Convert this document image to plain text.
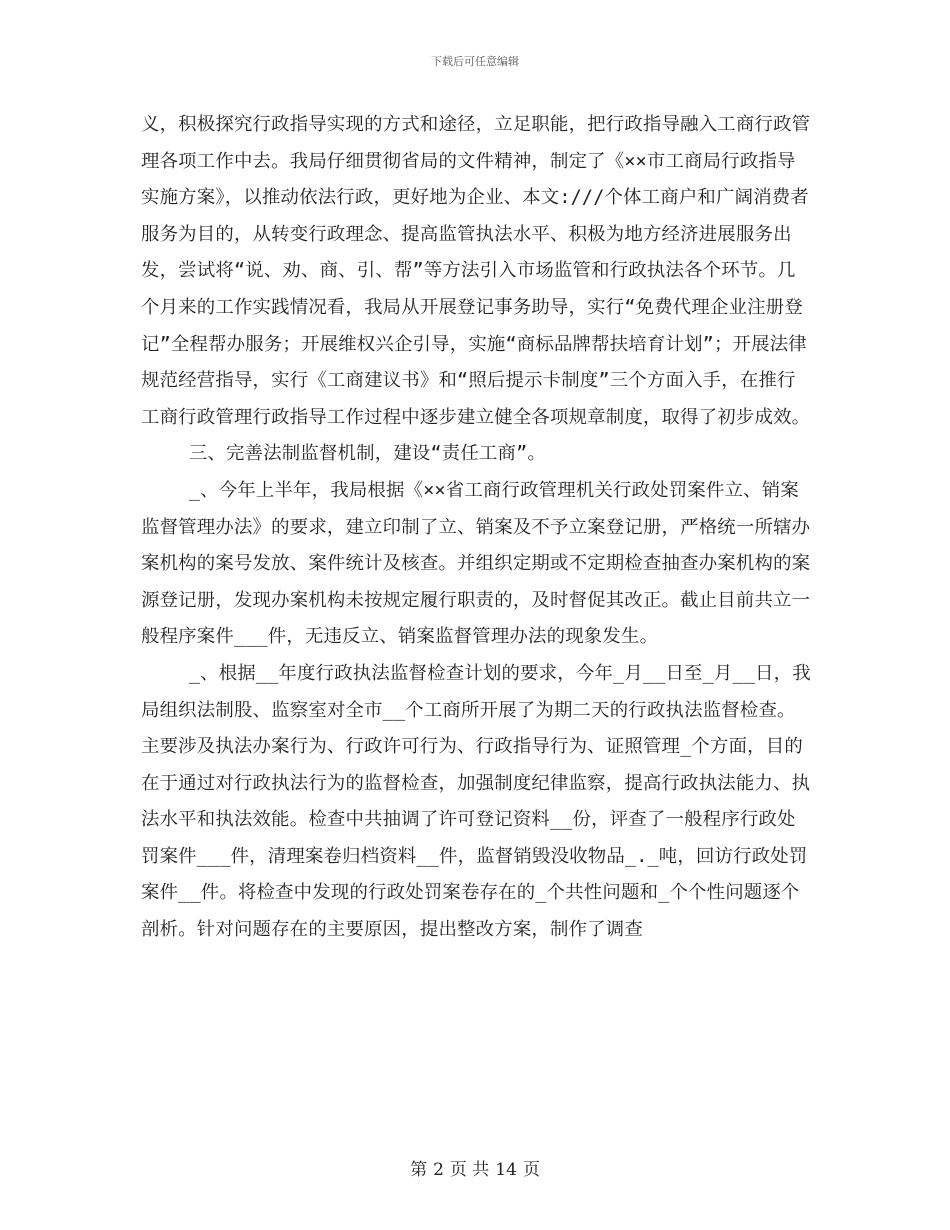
下载后可任意编辑

义，积极探究行政指导实现的方式和途径，立足职能，把行政指导融入工商行政管理各项工作中去。我局仔细贯彻省局的文件精神，制定了《××市工商局行政指导实施方案》，以推动依法行政，更好地为企业、本文:///个体工商户和广阔消费者服务为目的，从转变行政理念、提高监管执法水平、积极为地方经济进展服务出发，尝试将“说、劝、商、引、帮”等方法引入市场监管和行政执法各个环节。几个月来的工作实践情况看，我局从开展登记事务助导，实行“免费代理企业注册登记”全程帮办服务；开展维权兴企引导，实施“商标品牌帮扶培育计划”；开展法律规范经营指导，实行《工商建议书》和“照后提示卡制度”三个方面入手，在推行工商行政管理行政指导工作过程中逐步建立健全各项规章制度，取得了初步成效。

三、完善法制监督机制，建设“责任工商”。

_、今年上半年，我局根据《××省工商行政管理机关行政处罚案件立、销案监督管理办法》的要求，建立印制了立、销案及不予立案登记册，严格统一所辖办案机构的案号发放、案件统计及核查。并组织定期或不定期检查抽查办案机构的案源登记册，发现办案机构未按规定履行职责的，及时督促其改正。截止目前共立一般程序案件___件，无违反立、销案监督管理办法的现象发生。

_、根据__年度行政执法监督检查计划的要求，今年_月__日至_月__日，我局组织法制股、监察室对全市__个工商所开展了为期二天的行政执法监督检查。主要涉及执法办案行为、行政许可行为、行政指导行为、证照管理_个方面，目的在于通过对行政执法行为的监督检查，加强制度纪律监察，提高行政执法能力、执法水平和执法效能。检查中共抽调了许可登记资料__份，评查了一般程序行政处罚案件___件，清理案卷归档资料__件，监督销毁没收物品_._吨，回访行政处罚案件__件。将检查中发现的行政处罚案卷存在的_个共性问题和_个个性问题逐个剖析。针对问题存在的主要原因，提出整改方案，制作了调查

第 2 页 共 14 页
